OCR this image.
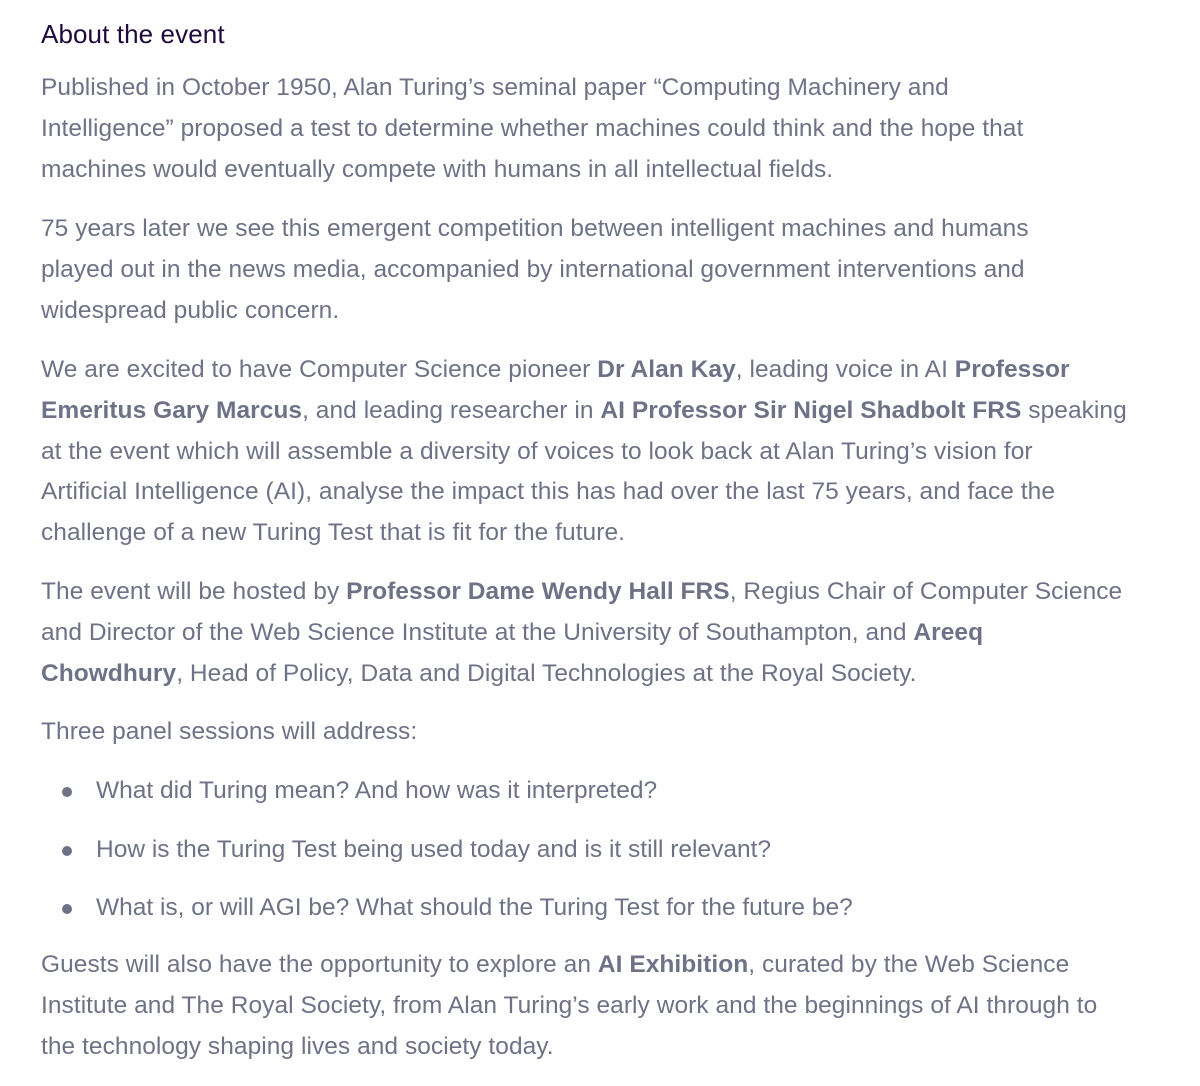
About the event

Published in October 1950, Alan Turing’s seminal paper “Computing Machinery and
Intelligence” proposed a test to determine whether machines could think and the hope that
machines would eventually compete with humans in all intellectual fields.

75 years later we see this emergent competition between intelligent machines and humans
played out in the news media, accompanied by international government interventions and
widespread public concern.

We are excited to have Computer Science pioneer Dr Alan Kay, leading voice in AI Professor
Emeritus Gary Marcus, and leading researcher in AI Professor Sir Nigel Shadbolt FRS speaking
at the event which will assemble a diversity of voices to look back at Alan Turing’s vision for
Artificial Intelligence (AI), analyse the impact this has had over the last 75 years, and face the
challenge of a new Turing Test that is fit for the future.

The event will be hosted by Professor Dame Wendy Hall FRS, Regius Chair of Computer Science
and Director of the Web Science Institute at the University of Southampton, and Areeq
Chowdhury, Head of Policy, Data and Digital Technologies at the Royal Society.

Three panel sessions will address:

What did Turing mean? And how was it interpreted?
How is the Turing Test being used today and is it still relevant?
What is, or will AGI be? What should the Turing Test for the future be?

Guests will also have the opportunity to explore an AI Exhibition, curated by the Web Science
Institute and The Royal Society, from Alan Turing’s early work and the beginnings of AI through to
the technology shaping lives and society today.
